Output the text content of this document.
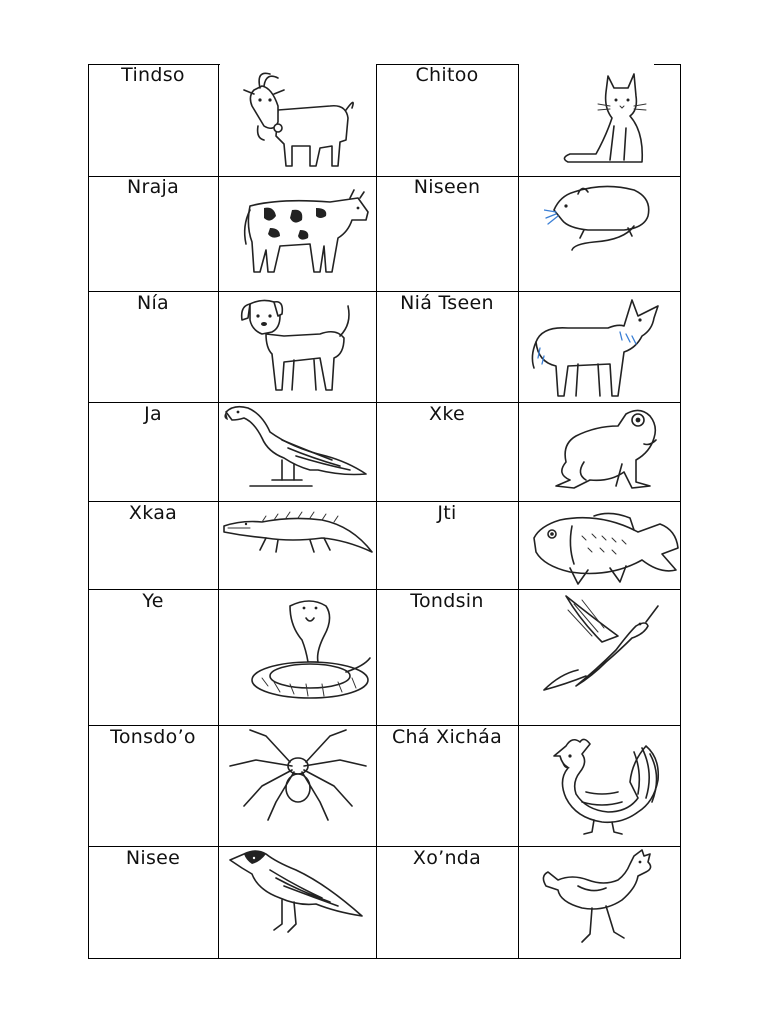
Tindso	Chitoo
Nraja	Niseen
Nía	Niá Tseen
Ja	Xke
Xkaa	Jti
Ye	Tondsin
Tonsdo’o	Chá Xicháa
Nisee	Xo’nda
